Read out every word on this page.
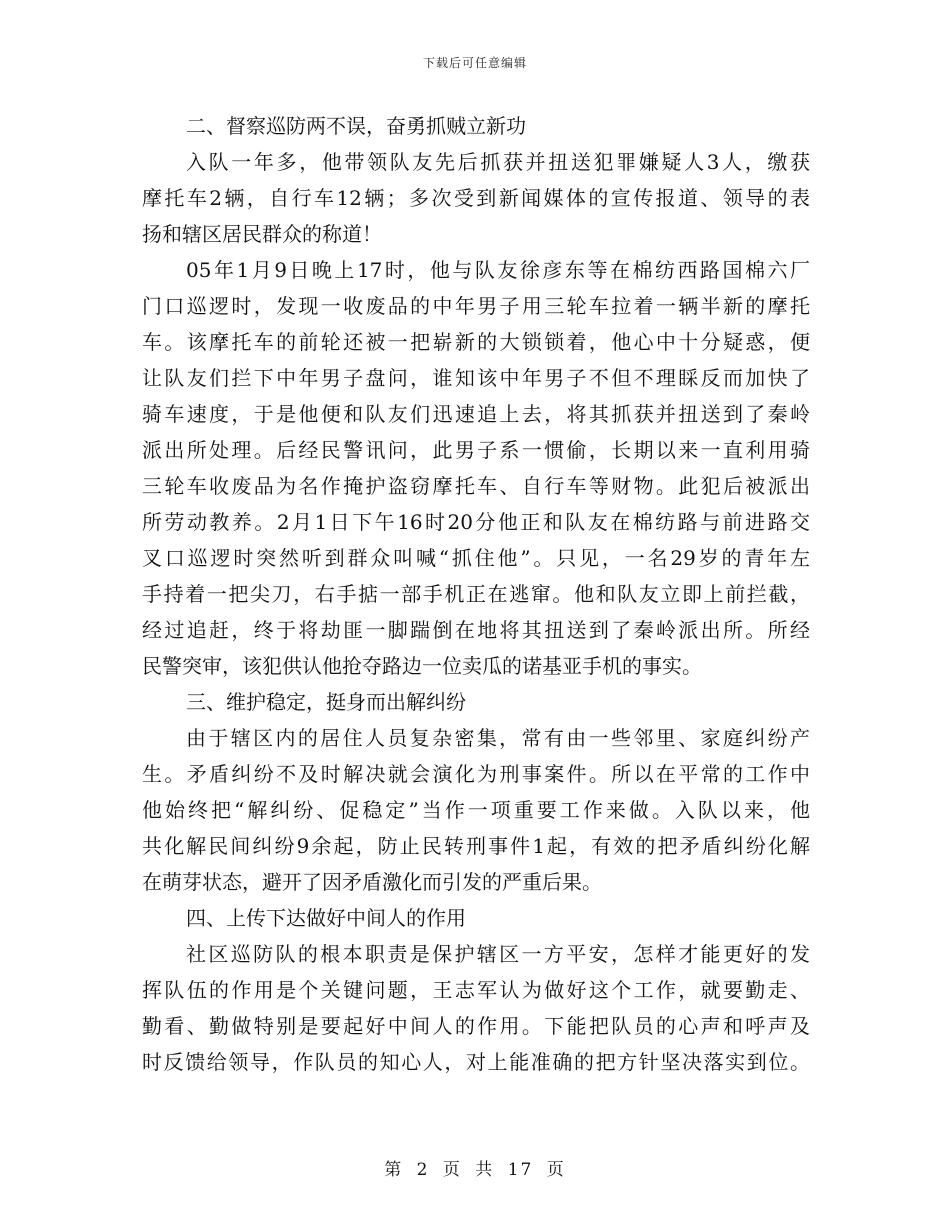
下载后可任意编辑
二、督察巡防两不误，奋勇抓贼立新功
入队一年多，他带领队友先后抓获并扭送犯罪嫌疑人3人，缴获
摩托车2辆，自行车12辆；多次受到新闻媒体的宣传报道、领导的表
扬和辖区居民群众的称道！
05年1月9日晚上17时，他与队友徐彦东等在棉纺西路国棉六厂
门口巡逻时，发现一收废品的中年男子用三轮车拉着一辆半新的摩托
车。该摩托车的前轮还被一把崭新的大锁锁着，他心中十分疑惑，便
让队友们拦下中年男子盘问，谁知该中年男子不但不理睬反而加快了
骑车速度，于是他便和队友们迅速追上去，将其抓获并扭送到了秦岭
派出所处理。后经民警讯问，此男子系一惯偷，长期以来一直利用骑
三轮车收废品为名作掩护盗窃摩托车、自行车等财物。此犯后被派出
所劳动教养。2月1日下午16时20分他正和队友在棉纺路与前进路交
叉口巡逻时突然听到群众叫喊“抓住他”。只见，一名29岁的青年左
手持着一把尖刀，右手掂一部手机正在逃窜。他和队友立即上前拦截，
经过追赶，终于将劫匪一脚踹倒在地将其扭送到了秦岭派出所。所经
民警突审，该犯供认他抢夺路边一位卖瓜的诺基亚手机的事实。
三、维护稳定，挺身而出解纠纷
由于辖区内的居住人员复杂密集，常有由一些邻里、家庭纠纷产
生。矛盾纠纷不及时解决就会演化为刑事案件。所以在平常的工作中
他始终把“解纠纷、促稳定”当作一项重要工作来做。入队以来，他
共化解民间纠纷9余起，防止民转刑事件1起，有效的把矛盾纠纷化解
在萌芽状态，避开了因矛盾激化而引发的严重后果。
四、上传下达做好中间人的作用
社区巡防队的根本职责是保护辖区一方平安，怎样才能更好的发
挥队伍的作用是个关键问题，王志军认为做好这个工作，就要勤走、
勤看、勤做特别是要起好中间人的作用。下能把队员的心声和呼声及
时反馈给领导，作队员的知心人，对上能准确的把方针坚决落实到位。
第 2 页 共 17 页
